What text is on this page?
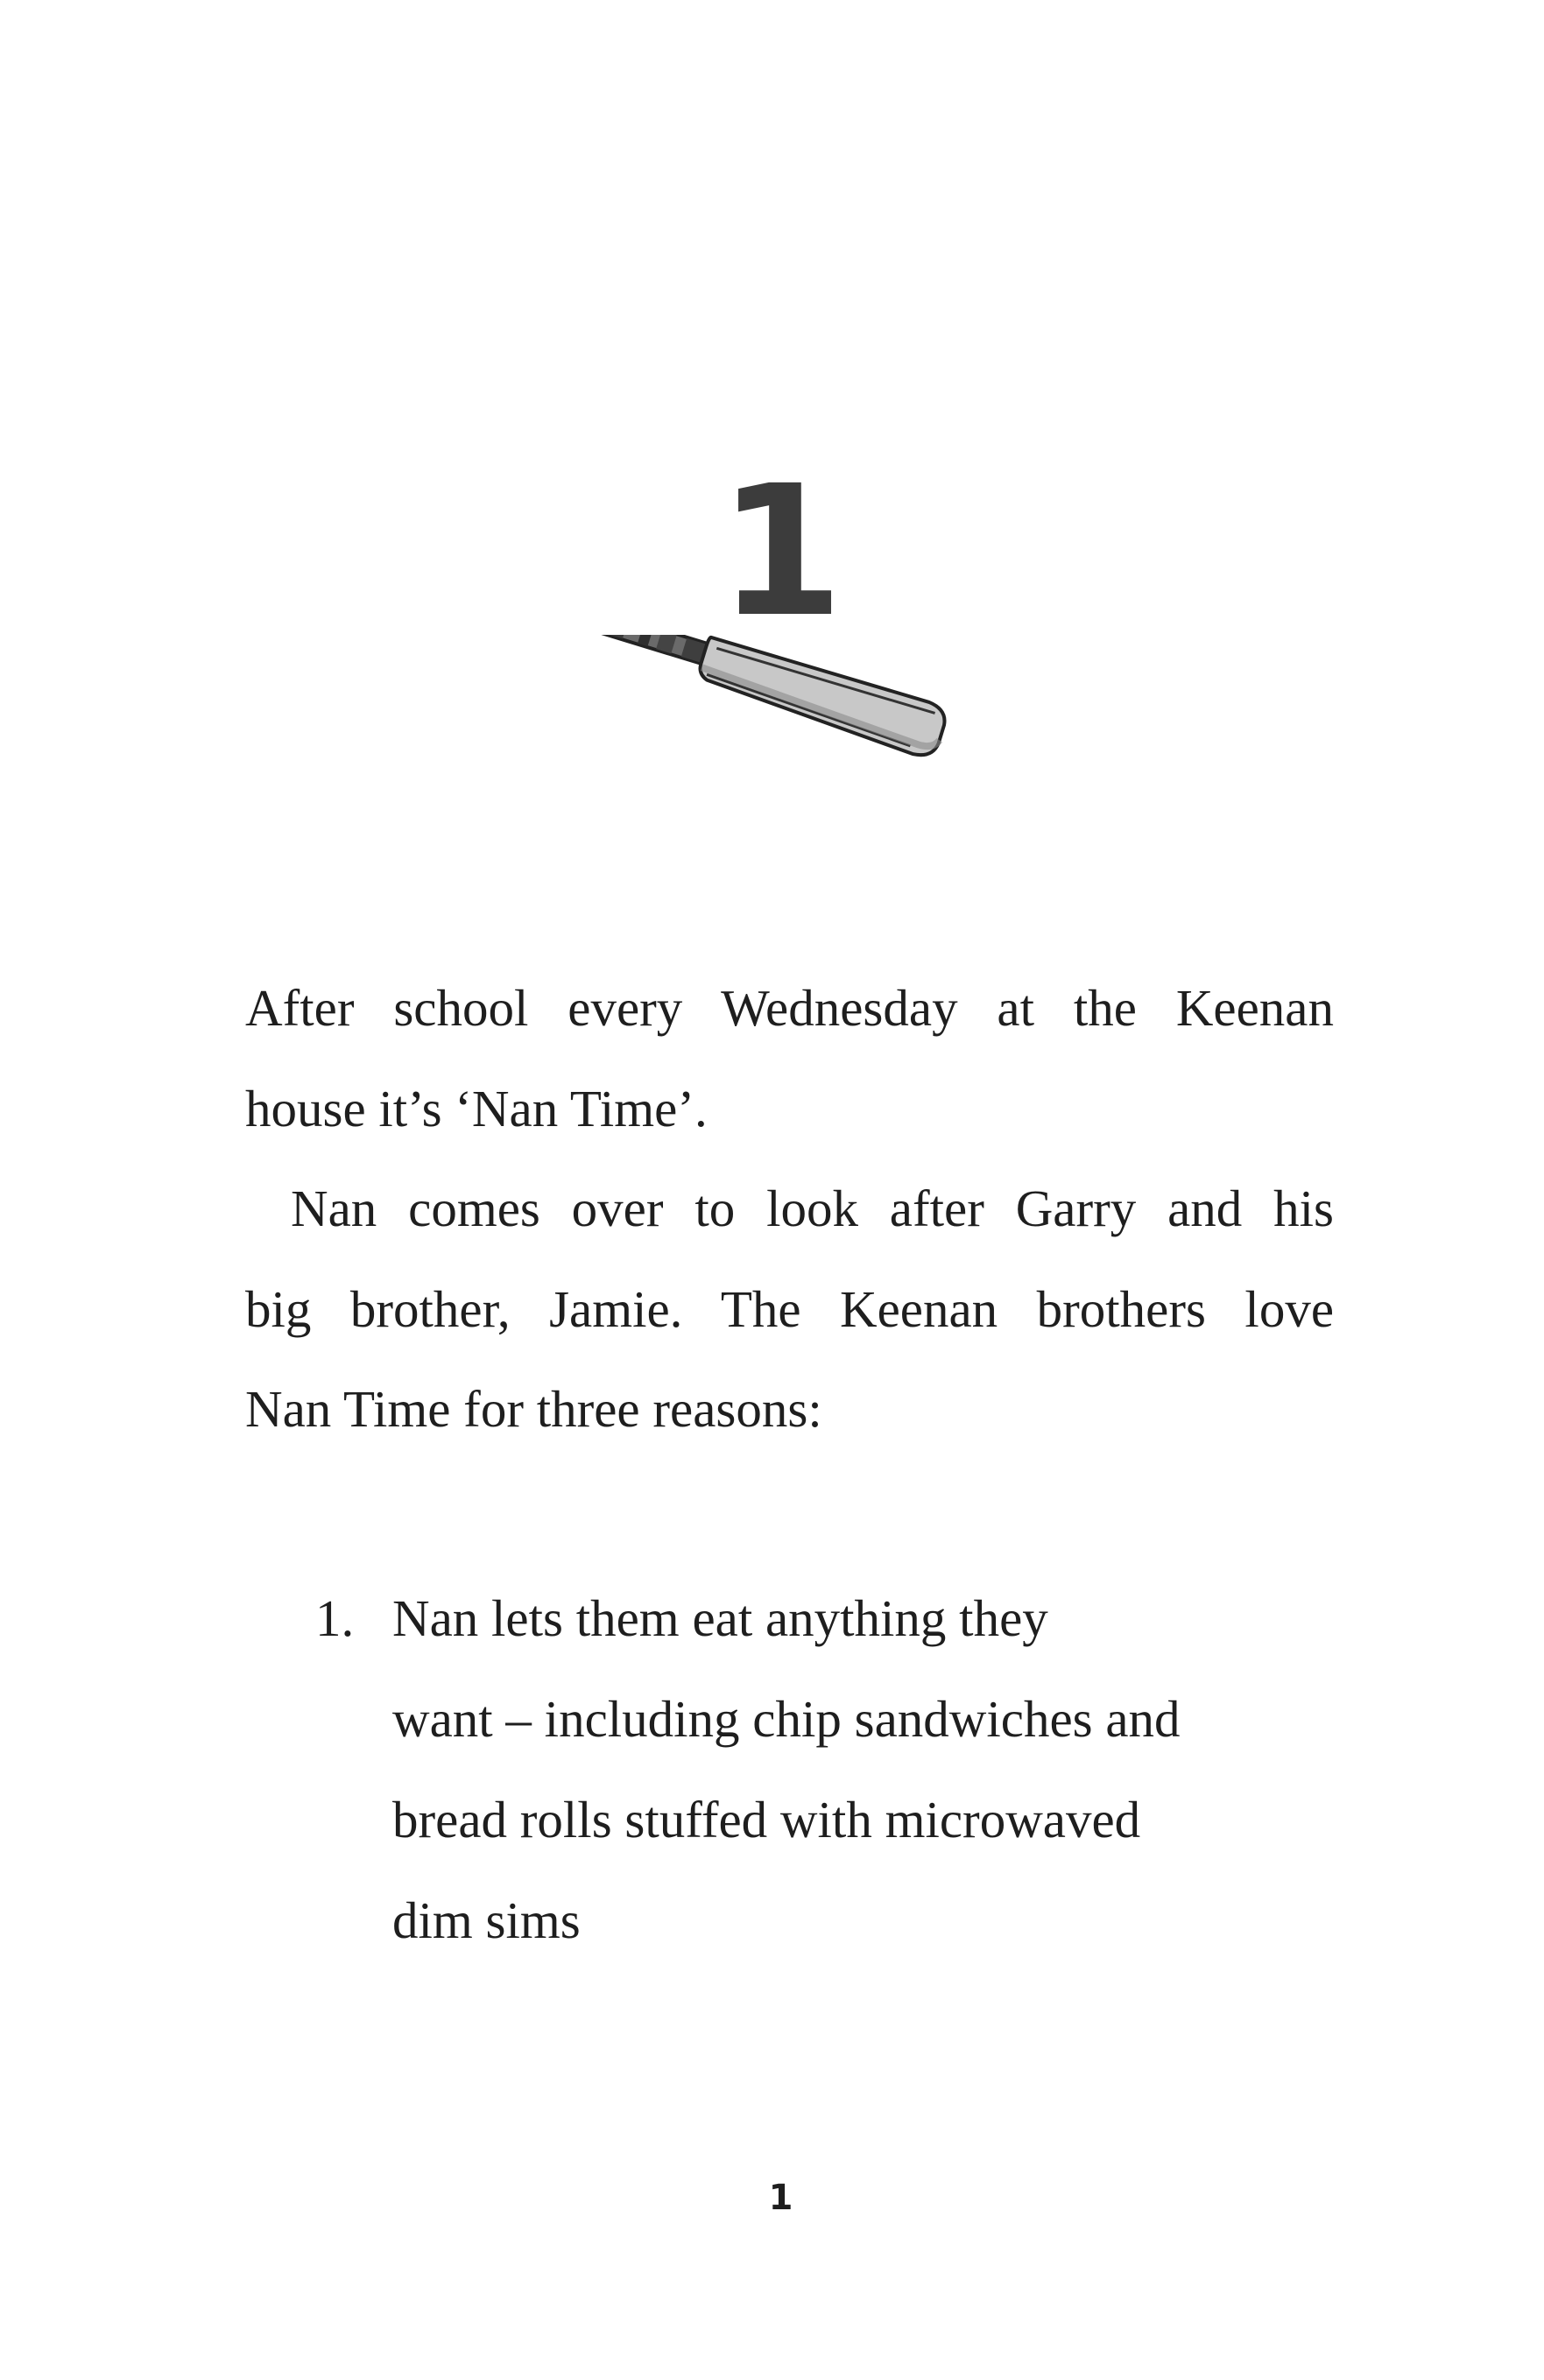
1

After school every Wednesday at the Keenan
house it’s ‘Nan Time’.

Nan comes over to look after Garry and his
big brother, Jamie. The Keenan brothers love
Nan Time for three reasons:

1. Nan lets them eat anything they
want – including chip sandwiches and
bread rolls stuffed with microwaved
dim sims
1
